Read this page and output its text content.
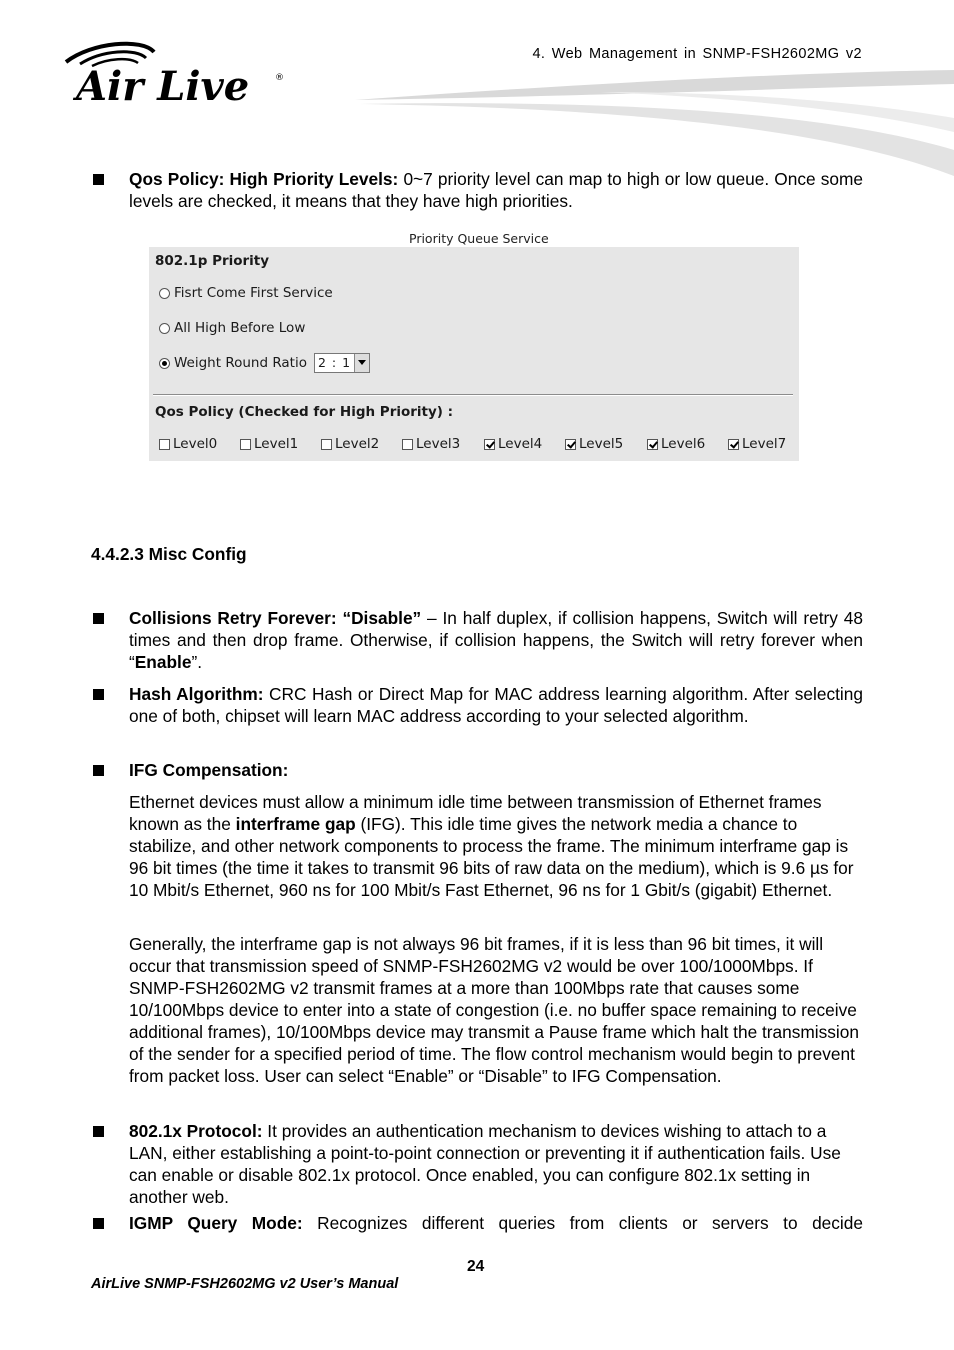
Air Live	®
4. Web Management in SNMP-FSH2602MG v2
Qos Policy: High Priority Levels: 0~7 priority level can map to high or low queue. Once some levels are checked, it means that they have high priorities.
Priority Queue Service
802.1p Priority
Fisrt Come First Service
All High Before Low
Weight Round Ratio 2 : 1
Qos Policy (Checked for High Priority) :
Level0	Level1	Level2	Level3	Level4	Level5	Level6	Level7
4.4.2.3 Misc Config
Collisions Retry Forever: “Disable” – In half duplex, if collision happens, Switch will retry 48 times and then drop frame. Otherwise, if collision happens, the Switch will retry forever when “Enable”.
Hash Algorithm: CRC Hash or Direct Map for MAC address learning algorithm. After selecting one of both, chipset will learn MAC address according to your selected algorithm.
IFG Compensation:
Ethernet devices must allow a minimum idle time between transmission of Ethernet frames known as the interframe gap (IFG). This idle time gives the network media a chance to stabilize, and other network components to process the frame. The minimum interframe gap is 96 bit times (the time it takes to transmit 96 bits of raw data on the medium), which is 9.6 µs for 10 Mbit/s Ethernet, 960 ns for 100 Mbit/s Fast Ethernet, 96 ns for 1 Gbit/s (gigabit) Ethernet.
Generally, the interframe gap is not always 96 bit frames, if it is less than 96 bit times, it will occur that transmission speed of SNMP-FSH2602MG v2 would be over 100/1000Mbps. If SNMP-FSH2602MG v2 transmit frames at a more than 100Mbps rate that causes some 10/100Mbps device to enter into a state of congestion (i.e. no buffer space remaining to receive additional frames), 10/100Mbps device may transmit a Pause frame which halt the transmission of the sender for a specified period of time. The flow control mechanism would begin to prevent from packet loss. User can select “Enable” or “Disable” to IFG Compensation.
802.1x Protocol: It provides an authentication mechanism to devices wishing to attach to a LAN, either establishing a point-to-point connection or preventing it if authentication fails. Use can enable or disable 802.1x protocol. Once enabled, you can configure 802.1x setting in another web.
IGMP Query Mode: Recognizes different queries from clients or servers to decide
24
AirLive SNMP-FSH2602MG v2 User’s Manual
